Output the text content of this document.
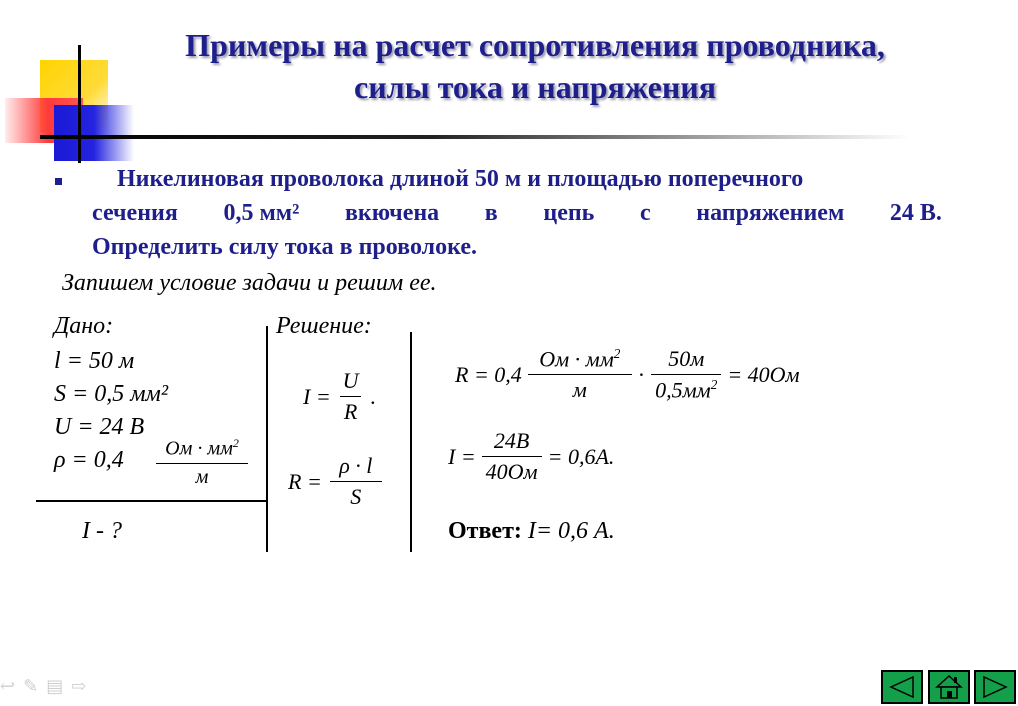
Примеры на расчет сопротивления проводника,
силы тока и напряжения
Никелиновая проволока длиной 50 м и площадью поперечного
сечения 0,5 мм² вкючена в цепь с напряжением 24 В.
Определить силу тока в проволоке.
Запишем условие задачи и решим ее.
Дано:
l = 50 м
S = 0,5 мм²
U = 24 В
ρ = 0,4	$\frac{Ом \cdot мм^2}{м}$
I - ?
Решение:
$I = \frac{U}{R}$ .
$R = \frac{\rho \cdot l}{S}$
$R = 0,4 \frac{Ом \cdot мм^2}{м} \cdot \frac{50м}{0,5мм^2} = 40Ом$
$I = \frac{24В}{40Ом} = 0,6А$.
Ответ: I= 0,6 А.
↩ ✎ ▤ ⇨
